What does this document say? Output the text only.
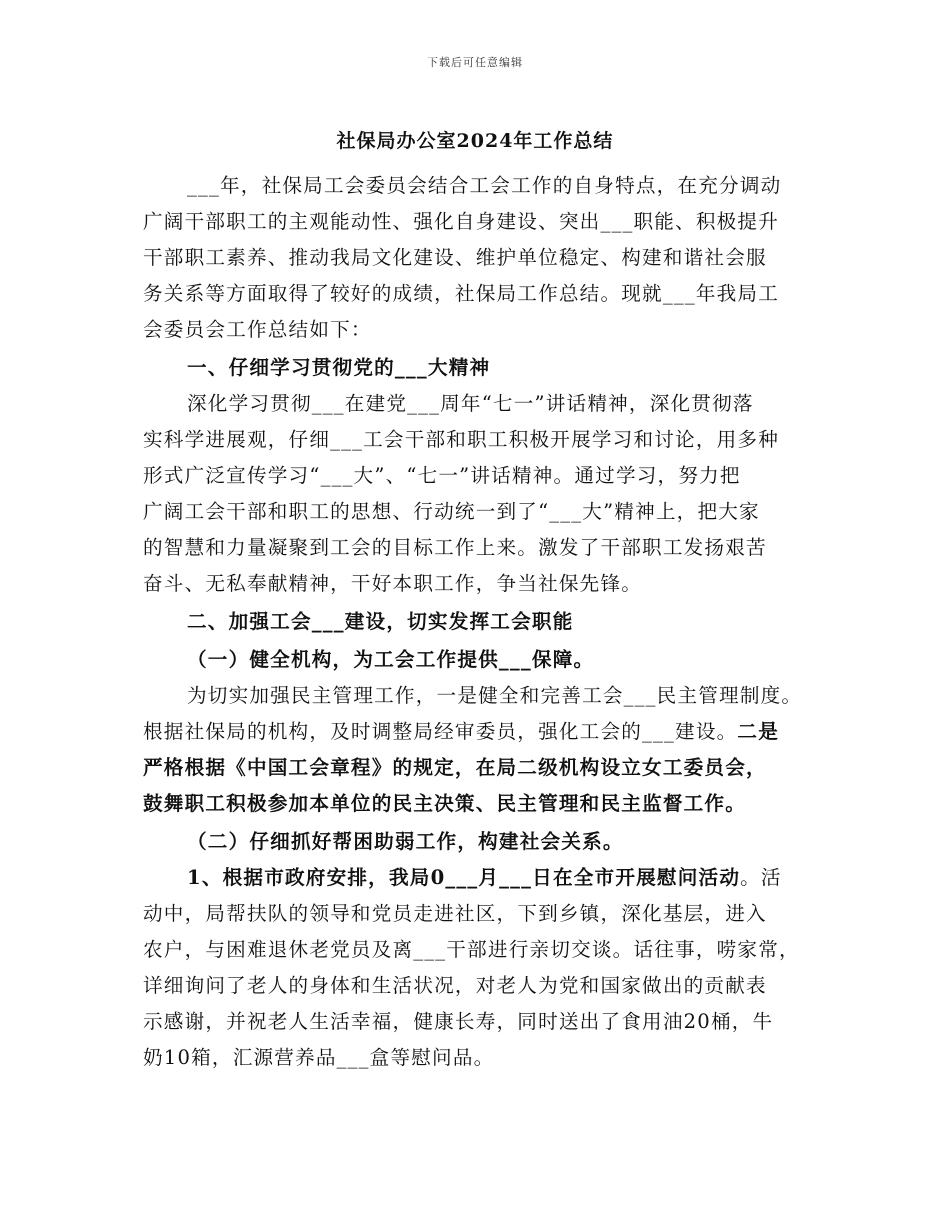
下载后可任意编辑
社保局办公室2024年工作总结
___年，社保局工会委员会结合工会工作的自身特点，在充分调动
广阔干部职工的主观能动性、强化自身建设、突出___职能、积极提升
干部职工素养、推动我局文化建设、维护单位稳定、构建和谐社会服
务关系等方面取得了较好的成绩，社保局工作总结。现就___年我局工
会委员会工作总结如下：
一、仔细学习贯彻党的___大精神
深化学习贯彻___在建党___周年“七一”讲话精神，深化贯彻落
实科学进展观，仔细___工会干部和职工积极开展学习和讨论，用多种
形式广泛宣传学习“___大”、“七一”讲话精神。通过学习，努力把
广阔工会干部和职工的思想、行动统一到了“___大”精神上，把大家
的智慧和力量凝聚到工会的目标工作上来。激发了干部职工发扬艰苦
奋斗、无私奉献精神，干好本职工作，争当社保先锋。
二、加强工会___建设，切实发挥工会职能
（一）健全机构，为工会工作提供___保障。
为切实加强民主管理工作，一是健全和完善工会___民主管理制度。
根据社保局的机构，及时调整局经审委员，强化工会的___建设。二是
严格根据《中国工会章程》的规定，在局二级机构设立女工委员会，
鼓舞职工积极参加本单位的民主决策、民主管理和民主监督工作。
（二）仔细抓好帮困助弱工作，构建社会关系。
1、根据市政府安排，我局0___月___日在全市开展慰问活动。活
动中，局帮扶队的领导和党员走进社区，下到乡镇，深化基层，进入
农户，与困难退休老党员及离___干部进行亲切交谈。话往事，唠家常，
详细询问了老人的身体和生活状况，对老人为党和国家做出的贡献表
示感谢，并祝老人生活幸福，健康长寿，同时送出了食用油20桶，牛
奶10箱，汇源营养品___盒等慰问品。
